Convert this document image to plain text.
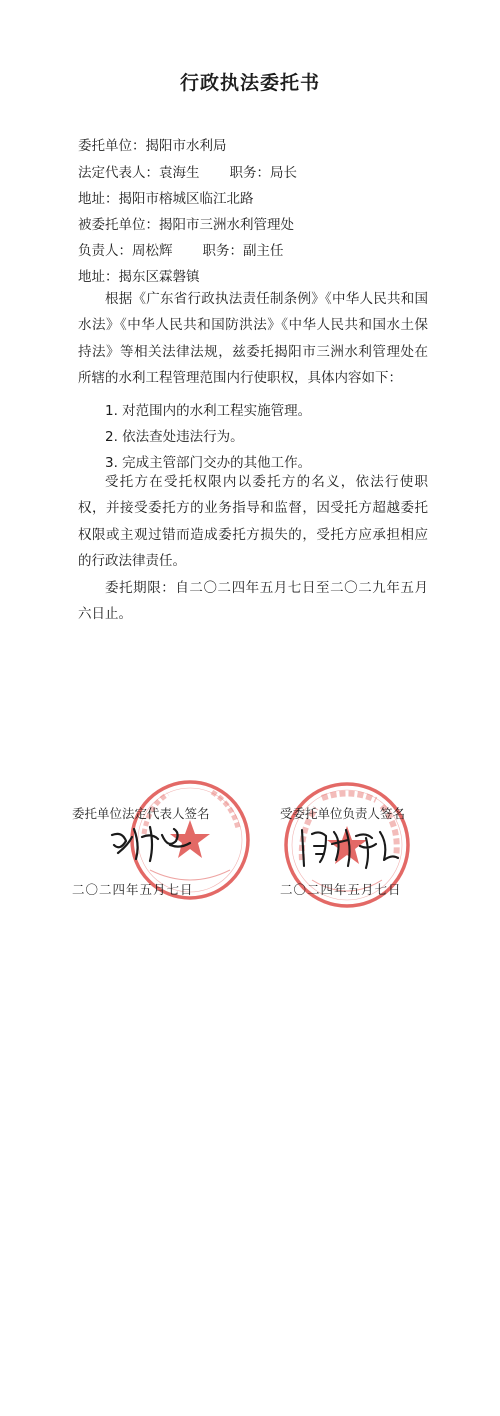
行政执法委托书
委托单位：揭阳市水利局
法定代表人：袁海生 职务：局长
地址：揭阳市榕城区临江北路
被委托单位：揭阳市三洲水利管理处
负责人：周松辉 职务：副主任
地址：揭东区霖磐镇
根据《广东省行政执法责任制条例》《中华人民共和国水法》《中华人民共和国防洪法》《中华人民共和国水土保持法》等相关法律法规，兹委托揭阳市三洲水利管理处在所辖的水利工程管理范围内行使职权，具体内容如下：
1. 对范围内的水利工程实施管理。
2. 依法查处违法行为。
3. 完成主管部门交办的其他工作。
受托方在受托权限内以委托方的名义，依法行使职权，并接受委托方的业务指导和监督，因受托方超越委托权限或主观过错而造成委托方损失的，受托方应承担相应的行政法律责任。
委托期限：自二〇二四年五月七日至二〇二九年五月六日止。
委托单位法定代表人签名
二〇二四年五月七日
受委托单位负责人签名
二〇二四年五月七日
